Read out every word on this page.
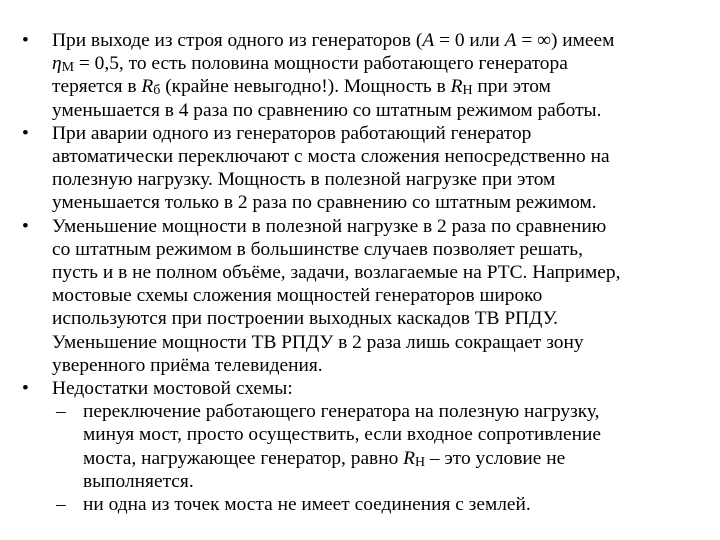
• При выходе из строя одного из генераторов (A = 0 или A = ∞) имеем
$\eta_М = 0,5$, то есть половина мощности работающего генератора
теряется в $R_б$ (крайне невыгодно!). Мощность в $R_Н$ при этом
уменьшается в 4 раза по сравнению со штатным режимом работы.
• При аварии одного из генераторов работающий генератор
автоматически переключают с моста сложения непосредственно на
полезную нагрузку. Мощность в полезной нагрузке при этом
уменьшается только в 2 раза по сравнению со штатным режимом.
• Уменьшение мощности в полезной нагрузке в 2 раза по сравнению
со штатным режимом в большинстве случаев позволяет решать,
пусть и в не полном объёме, задачи, возлагаемые на РТС. Например,
мостовые схемы сложения мощностей генераторов широко
используются при построении выходных каскадов ТВ РПДУ.
Уменьшение мощности ТВ РПДУ в 2 раза лишь сокращает зону
уверенного приёма телевидения.
• Недостатки мостовой схемы:
– переключение работающего генератора на полезную нагрузку,
минуя мост, просто осуществить, если входное сопротивление
моста, нагружающее генератор, равно $R_Н$ – это условие не
выполняется.
– ни одна из точек моста не имеет соединения с землей.
